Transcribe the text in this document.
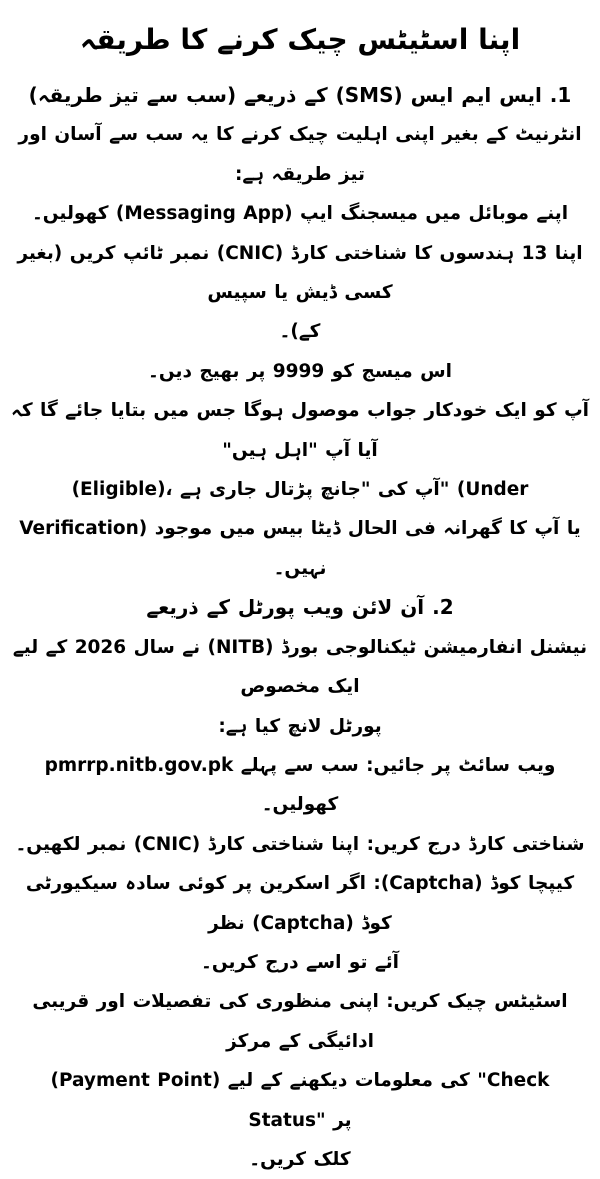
اپنا اسٹیٹس چیک کرنے کا طریقہ

1. ایس ایم ایس (SMS) کے ذریعے (سب سے تیز طریقہ)

انٹرنیٹ کے بغیر اپنی اہلیت چیک کرنے کا یہ سب سے آسان اور تیز طریقہ ہے:

اپنے موبائل میں میسجنگ ایپ (Messaging App) کھولیں۔

اپنا 13 ہندسوں کا شناختی کارڈ (CNIC) نمبر ٹائپ کریں (بغیر کسی ڈیش یا سپیس

کے)۔

اس میسج کو 9999 پر بھیج دیں۔

آپ کو ایک خودکار جواب موصول ہوگا جس میں بتایا جائے گا کہ آیا آپ "اہل ہیں"

(Eligible)، آپ کی "جانچ پڑتال جاری ہے" (Under

Verification) یا آپ کا گھرانہ فی الحال ڈیٹا بیس میں موجود نہیں۔

2. آن لائن ویب پورٹل کے ذریعے

نیشنل انفارمیشن ٹیکنالوجی بورڈ (NITB) نے سال 2026 کے لیے ایک مخصوص

پورٹل لانچ کیا ہے:

ویب سائٹ پر جائیں: سب سے پہلے pmrrp.nitb.gov.pk کھولیں۔

شناختی کارڈ درج کریں: اپنا شناختی کارڈ (CNIC) نمبر لکھیں۔

کیپچا کوڈ (Captcha): اگر اسکرین پر کوئی سادہ سیکیورٹی کوڈ (Captcha) نظر

آئے تو اسے درج کریں۔

اسٹیٹس چیک کریں: اپنی منظوری کی تفصیلات اور قریبی ادائیگی کے مرکز

(Payment Point) کی معلومات دیکھنے کے لیے "Check Status" پر

کلک کریں۔
